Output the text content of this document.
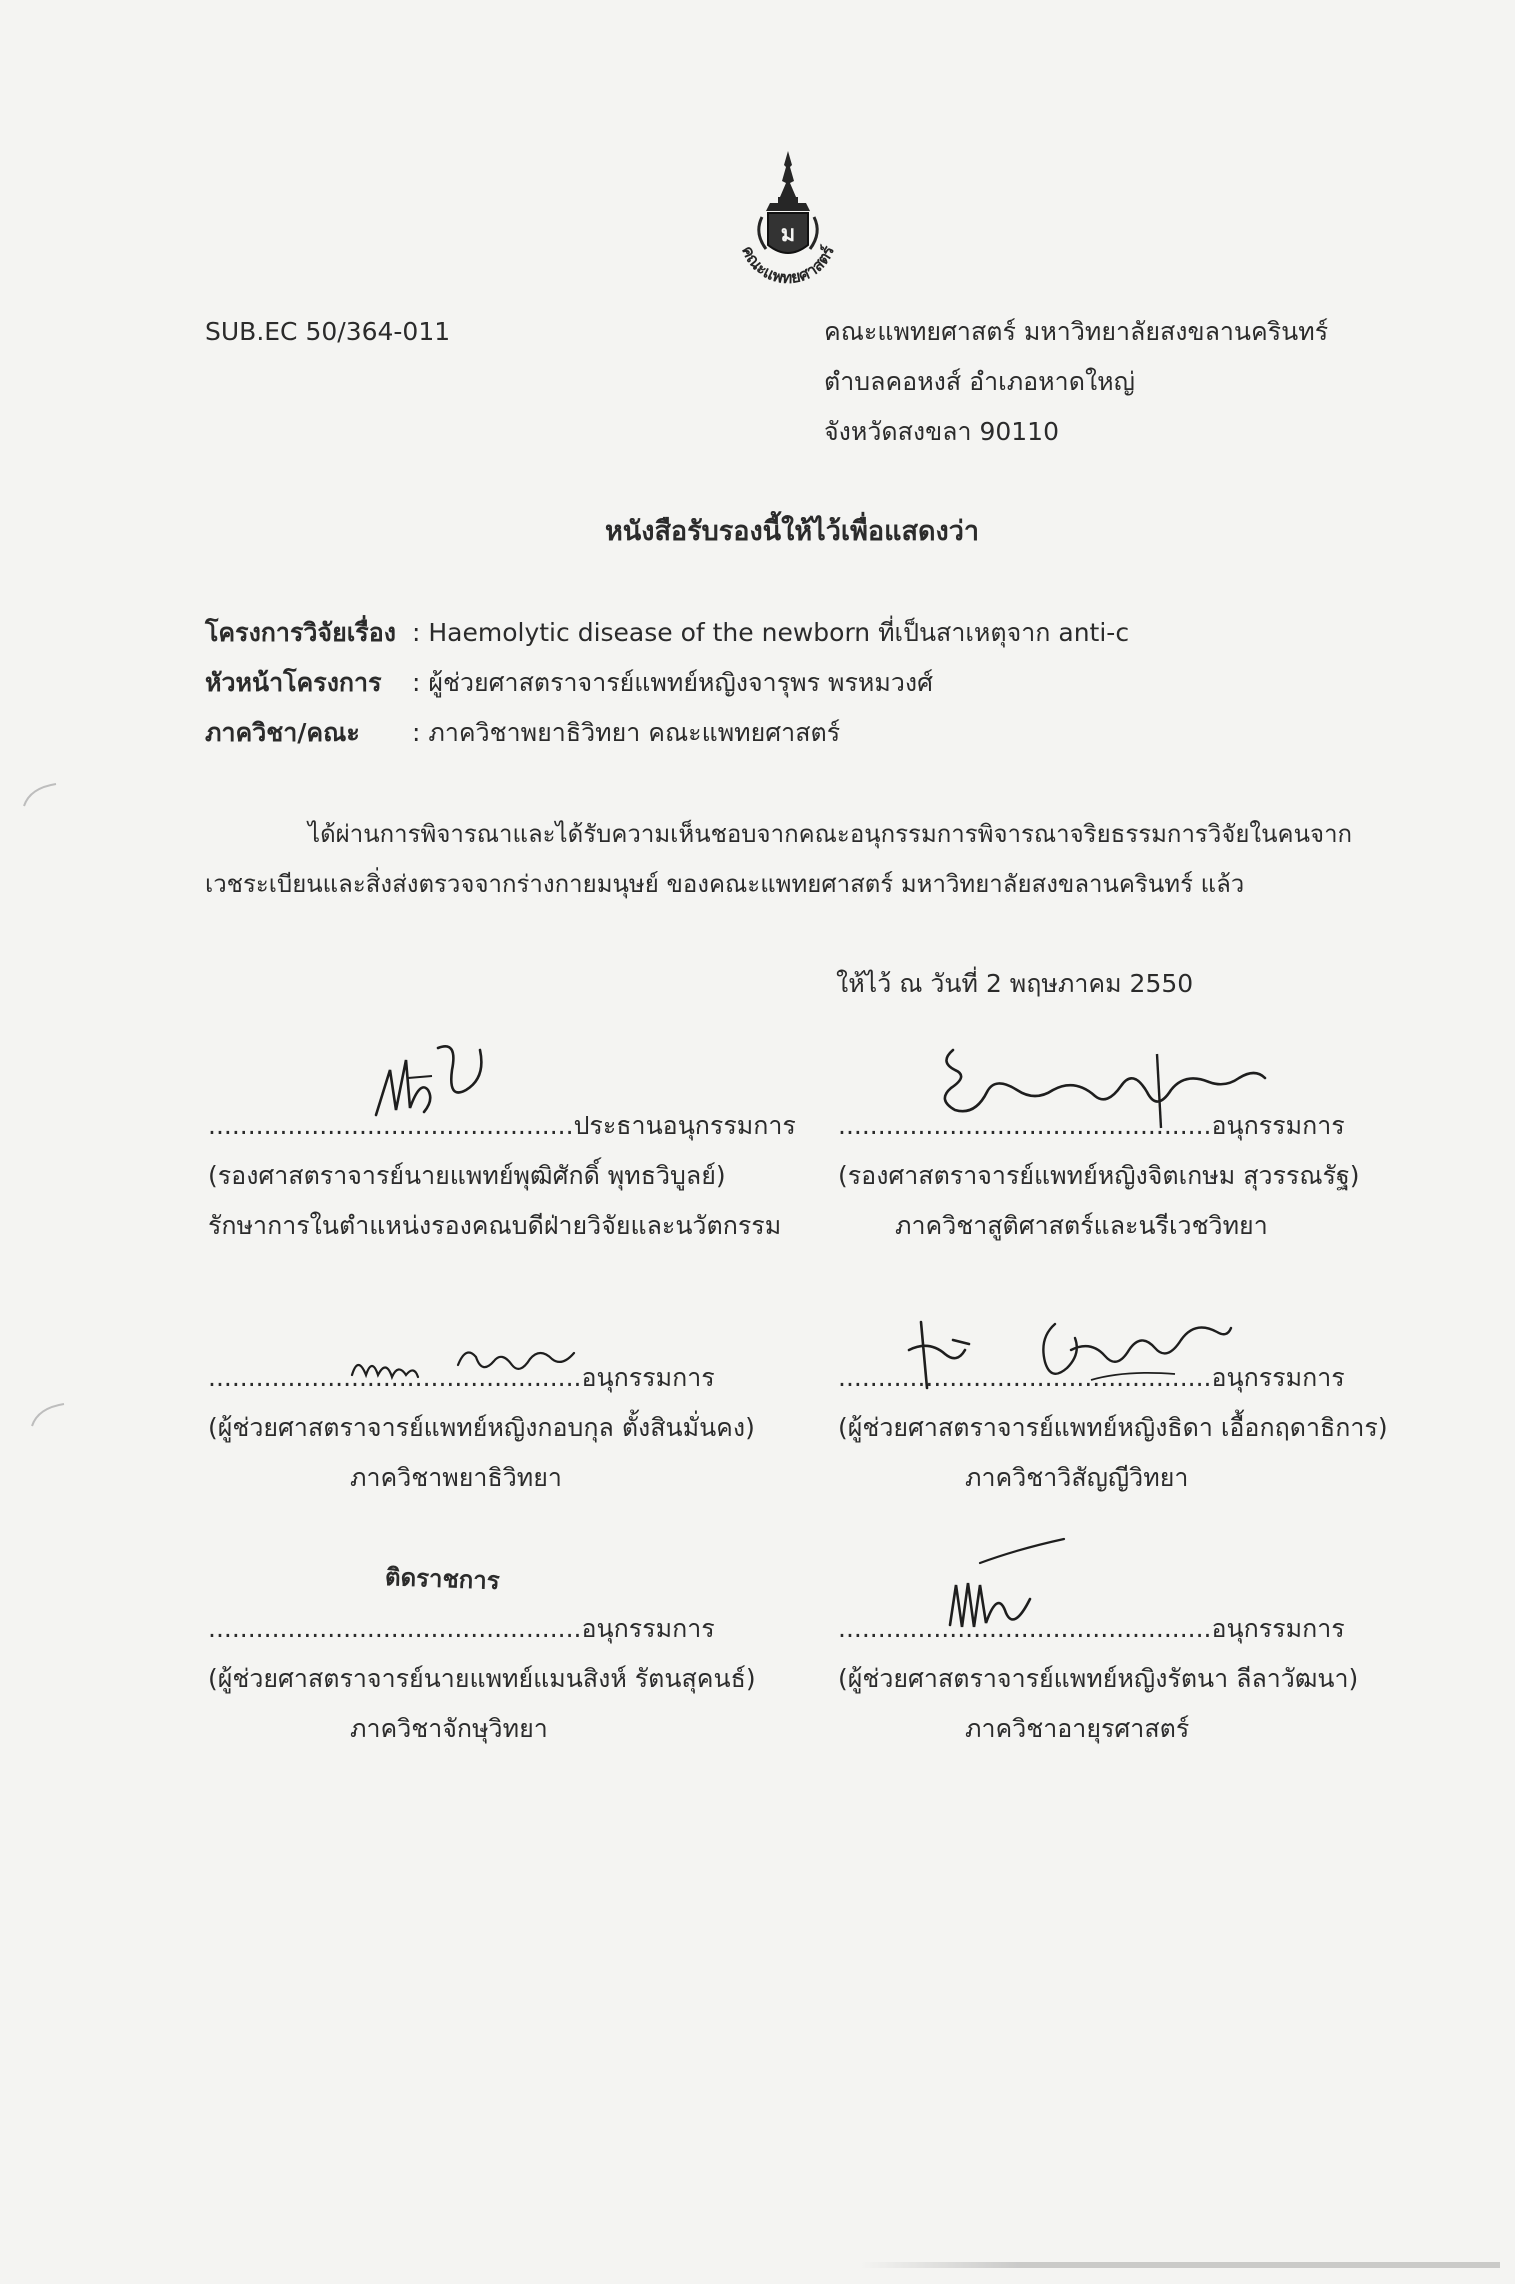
ม
คณะแพทยศาสตร์
SUB.EC 50/364-011	คณะแพทยศาสตร์ มหาวิทยาลัยสงขลานครินทร์
ตำบลคอหงส์ อำเภอหาดใหญ่
จังหวัดสงขลา 90110
หนังสือรับรองนี้ให้ไว้เพื่อแสดงว่า
โครงการวิจัยเรื่อง : Haemolytic disease of the newborn ที่เป็นสาเหตุจาก anti-c
หัวหน้าโครงการ : ผู้ช่วยศาสตราจารย์แพทย์หญิงจารุพร พรหมวงศ์
ภาควิชา/คณะ : ภาควิชาพยาธิวิทยา คณะแพทยศาสตร์
ได้ผ่านการพิจารณาและได้รับความเห็นชอบจากคณะอนุกรรมการพิจารณาจริยธรรมการวิจัยในคนจาก
เวชระเบียนและสิ่งส่งตรวจจากร่างกายมนุษย์ ของคณะแพทยศาสตร์ มหาวิทยาลัยสงขลานครินทร์ แล้ว
ให้ไว้ ณ วันที่ 2 พฤษภาคม 2550
..............................................ประธานอนุกรรมการ
(รองศาสตราจารย์นายแพทย์พุฒิศักดิ์ พุทธวิบูลย์)
รักษาการในตำแหน่งรองคณบดีฝ่ายวิจัยและนวัตกรรม
...............................................อนุกรรมการ
(รองศาสตราจารย์แพทย์หญิงจิตเกษม สุวรรณรัฐ)
ภาควิชาสูติศาสตร์และนรีเวชวิทยา
...............................................อนุกรรมการ
(ผู้ช่วยศาสตราจารย์แพทย์หญิงกอบกุล ตั้งสินมั่นคง)
ภาควิชาพยาธิวิทยา
...............................................อนุกรรมการ
(ผู้ช่วยศาสตราจารย์แพทย์หญิงธิดา เอื้อกฤดาธิการ)
ภาควิชาวิสัญญีวิทยา
ติดราชการ
...............................................อนุกรรมการ
(ผู้ช่วยศาสตราจารย์นายแพทย์แมนสิงห์ รัตนสุคนธ์)
ภาควิชาจักษุวิทยา
...............................................อนุกรรมการ
(ผู้ช่วยศาสตราจารย์แพทย์หญิงรัตนา ลีลาวัฒนา)
ภาควิชาอายุรศาสตร์
